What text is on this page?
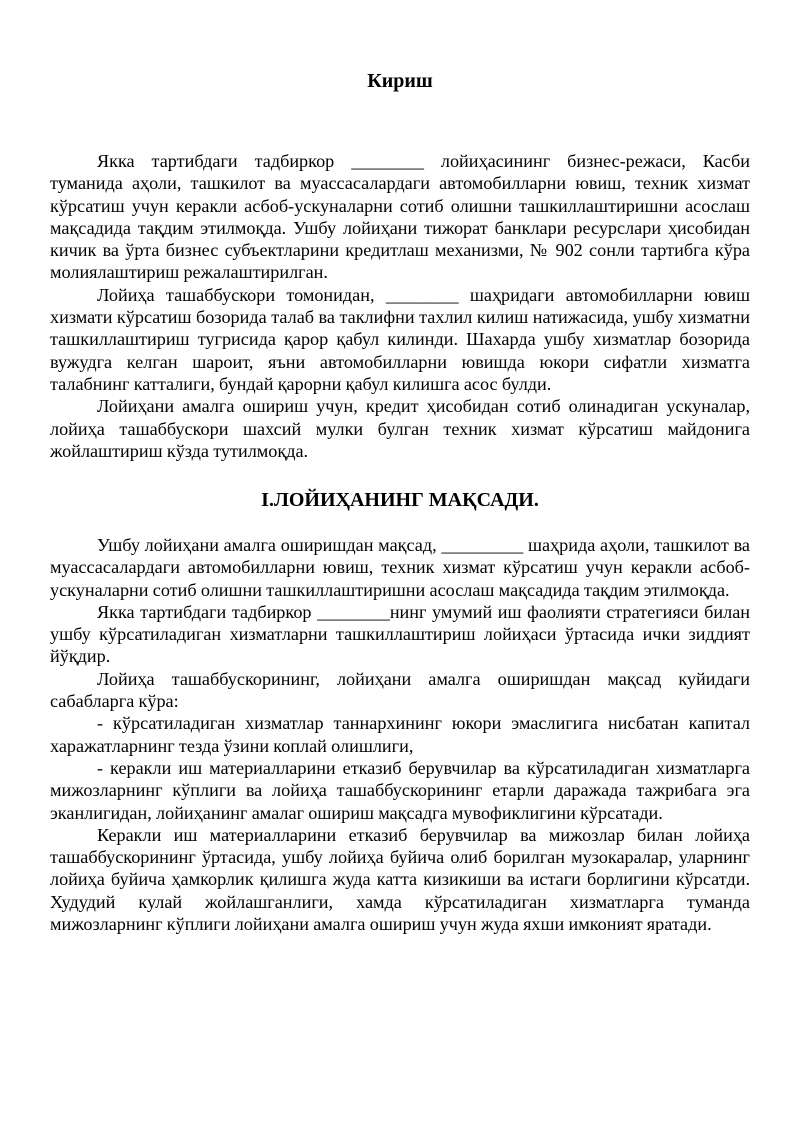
Кириш

Якка тартибдаги тадбиркор ________ лойиҳасининг бизнес-режаси, Касби туманида аҳоли, ташкилот ва муассасалардаги автомобилларни ювиш, техник хизмат кўрсатиш учун керакли асбоб-ускуналарни сотиб олишни ташкиллаштиришни асослаш мақсадида тақдим этилмоқда. Ушбу лойиҳани тижорат банклари ресурслари ҳисобидан кичик ва ўрта бизнес субъектларини кредитлаш механизми, № 902 сонли тартибга кўра молиялаштириш режалаштирилган.

Лойиҳа ташаббускори томонидан, ________ шаҳридаги автомобилларни ювиш хизмати кўрсатиш бозорида талаб ва таклифни тахлил килиш натижасида, ушбу хизматни ташкиллаштириш тугрисида қарор қабул килинди. Шахарда ушбу хизматлар бозорида вужудга келган шароит, яъни автомобилларни ювишда юкори сифатли хизматга талабнинг катталиги, бундай қарорни қабул килишга асос булди.

Лойиҳани амалга ошириш учун, кредит ҳисобидан сотиб олинадиган ускуналар, лойиҳа ташаббускори шахсий мулки булган техник хизмат кўрсатиш майдонига жойлаштириш кўзда тутилмоқда.

I.ЛОЙИҲАНИНГ МАҚСАДИ.

Ушбу лойиҳани амалга оширишдан мақсад, _________ шаҳрида аҳоли, ташкилот ва муассасалардаги автомобилларни ювиш, техник хизмат кўрсатиш учун керакли асбоб-ускуналарни сотиб олишни ташкиллаштиришни асослаш мақсадида тақдим этилмоқда.

Якка тартибдаги тадбиркор ________нинг умумий иш фаолияти стратегияси билан ушбу кўрсатиладиган хизматларни ташкиллаштириш лойиҳаси ўртасида ички зиддият йўқдир.

Лойиҳа ташаббускорининг, лойиҳани амалга оширишдан мақсад куйидаги сабабларга кўра:

- кўрсатиладиган хизматлар таннархининг юкори эмаслигига нисбатан капитал харажатларнинг тезда ўзини коплай олишлиги,

- керакли иш материалларини етказиб берувчилар ва кўрсатиладиган хизматларга мижозларнинг кўплиги ва лойиҳа ташаббускорининг етарли даражада тажрибага эга эканлигидан, лойиҳанинг амалаг ошириш мақсадга мувофиклигини кўрсатади.

Керакли иш материалларини етказиб берувчилар ва мижозлар билан лойиҳа ташаббускорининг ўртасида, ушбу лойиҳа буйича олиб борилган музокаралар, уларнинг лойиҳа буйича ҳамкорлик қилишга жуда катта кизикиши ва истаги борлигини кўрсатди. Худудий кулай жойлашганлиги, хамда кўрсатиладиган хизматларга туманда мижозларнинг кўплиги лойиҳани амалга ошириш учун жуда яхши имконият яратади.
